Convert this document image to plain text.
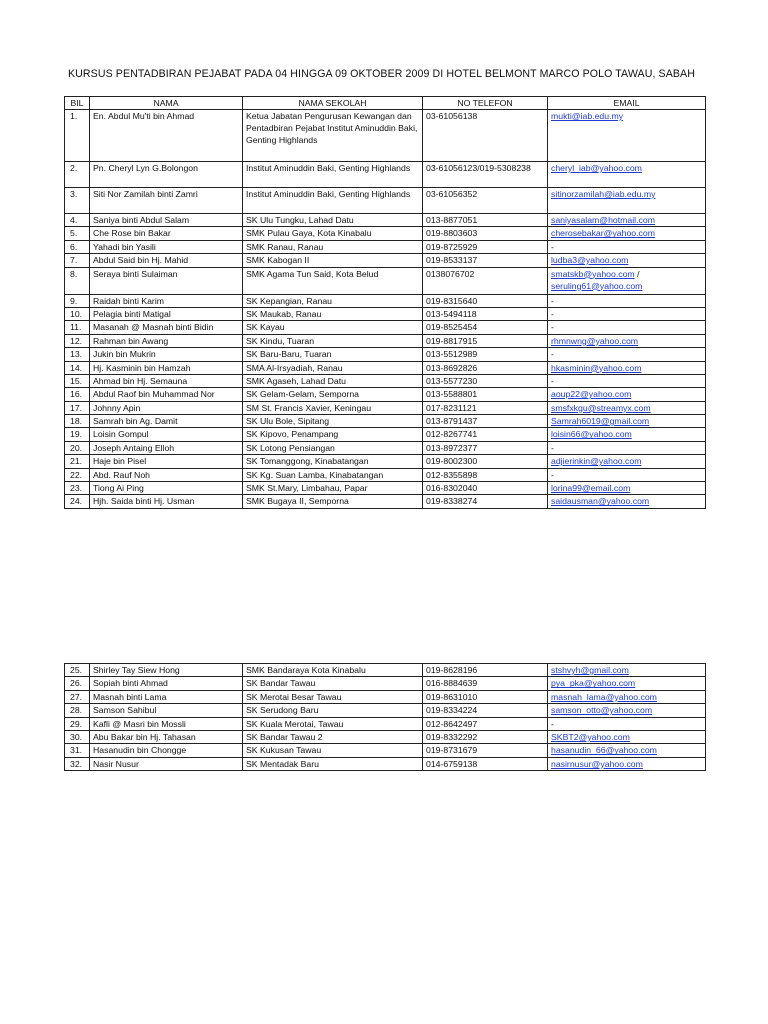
KURSUS PENTADBIRAN PEJABAT PADA 04 HINGGA 09 OKTOBER 2009 DI HOTEL BELMONT MARCO POLO TAWAU, SABAH
BIL	NAMA	NAMA SEKOLAH	NO TELEFON	EMAIL
1.	En. Abdul Mu'ti bin Ahmad	Ketua Jabatan Pengurusan Kewangan dan Pentadbiran Pejabat Institut Aminuddin Baki, Genting Highlands	03-61056138	mukti@iab.edu.my
2.	Pn. Cheryl Lyn G.Bolongon	Institut Aminuddin Baki, Genting Highlands	03-61056123/019-5308238	cheryl_iab@yahoo.com
3.	Siti Nor Zamilah binti Zamri	Institut Aminuddin Baki, Genting Highlands	03-61056352	sitinorzamilah@iab.edu.my
4.	Saniya binti Abdul Salam	SK Ulu Tungku, Lahad Datu	013-8877051	saniyasalam@hotmail.com
5.	Che Rose bin Bakar	SMK Pulau Gaya, Kota Kinabalu	019-8803603	cherosebakar@yahoo.com
6.	Yahadi bin Yasili	SMK Ranau, Ranau	019-8725929	-
7.	Abdul Said bin Hj. Mahid	SMK Kabogan II	019-8533137	ludba3@yahoo.com
8.	Seraya binti Sulaiman	SMK Agama Tun Said, Kota Belud	0138076702	smatskb@yahoo.com /
seruling61@yahoo.com
9.	Raidah binti Karim	SK Kepangian, Ranau	019-8315640	-
10.	Pelagia binti Matigal	SK Maukab, Ranau	013-5494118	-
11.	Masanah @ Masnah binti Bidin	SK Kayau	019-8525454	-
12.	Rahman bin Awang	SK Kindu, Tuaran	019-8817915	rhmnwng@yahoo.com
13.	Jukin bin Mukrin	SK Baru-Baru, Tuaran	013-5512989	-
14.	Hj. Kasminin bin Hamzah	SMA Al-Irsyadiah, Ranau	013-8692826	hkasminin@yahoo.com
15.	Ahmad bin Hj. Semauna	SMK Agaseh, Lahad Datu	013-5577230	-
16.	Abdul Raof bin Muhammad Nor	SK Gelam-Gelam, Semporna	013-5588801	aoup22@yahoo.com
17.	Johnny Apin	SM St. Francis Xavier, Keningau	017-8231121	smsfxkgu@streamyx.com
18.	Samrah bin Ag. Damit	SK Ulu Bole, Sipitang	013-8791437	Samrah6019@gmail.com
19.	Loisin Gompul	SK Kipovo, Penampang	012-8267741	loisin66@yahoo.com
20.	Joseph Antaing Elloh	SK Lotong Pensiangan	013-8972377	-
21.	Haje bin Pisel	SK Tomanggong, Kinabatangan	019-8002300	adjierinkin@yahoo.com
22.	Abd. Rauf Noh	SK Kg. Suan Lamba, Kinabatangan	012-8355898	-
23.	Tiong Ai Ping	SMK St.Mary, Limbahau, Papar	016-8302040	lorina99@email.com
24.	Hjh. Saida binti Hj. Usman	SMK Bugaya II, Semporna	019-8338274	saidausman@yahoo.com
25.	Shirley Tay Siew Hong	SMK Bandaraya Kota Kinabalu	019-8628196	stshvyh@gmail.com
26.	Sopiah binti Ahmad	SK Bandar Tawau	016-8884639	pya_pka@yahoo.com
27.	Masnah binti Lama	SK Merotai Besar Tawau	019-8631010	masnah_lama@yahoo.com
28.	Samson Sahibul	SK Serudong Baru	019-8334224	samson_otto@yahoo.com
29.	Kafli @ Masri bin Mossli	SK Kuala Merotai, Tawau	012-8642497	-
30.	Abu Bakar bin Hj. Tahasan	SK Bandar Tawau 2	019-8332292	SKBT2@yahoo.com
31.	Hasanudin bin Chongge	SK Kukusan Tawau	019-8731679	hasanudin_66@yahoo.com
32.	Nasir Nusur	SK Mentadak Baru	014-6759138	nasirnusur@yahoo.com
